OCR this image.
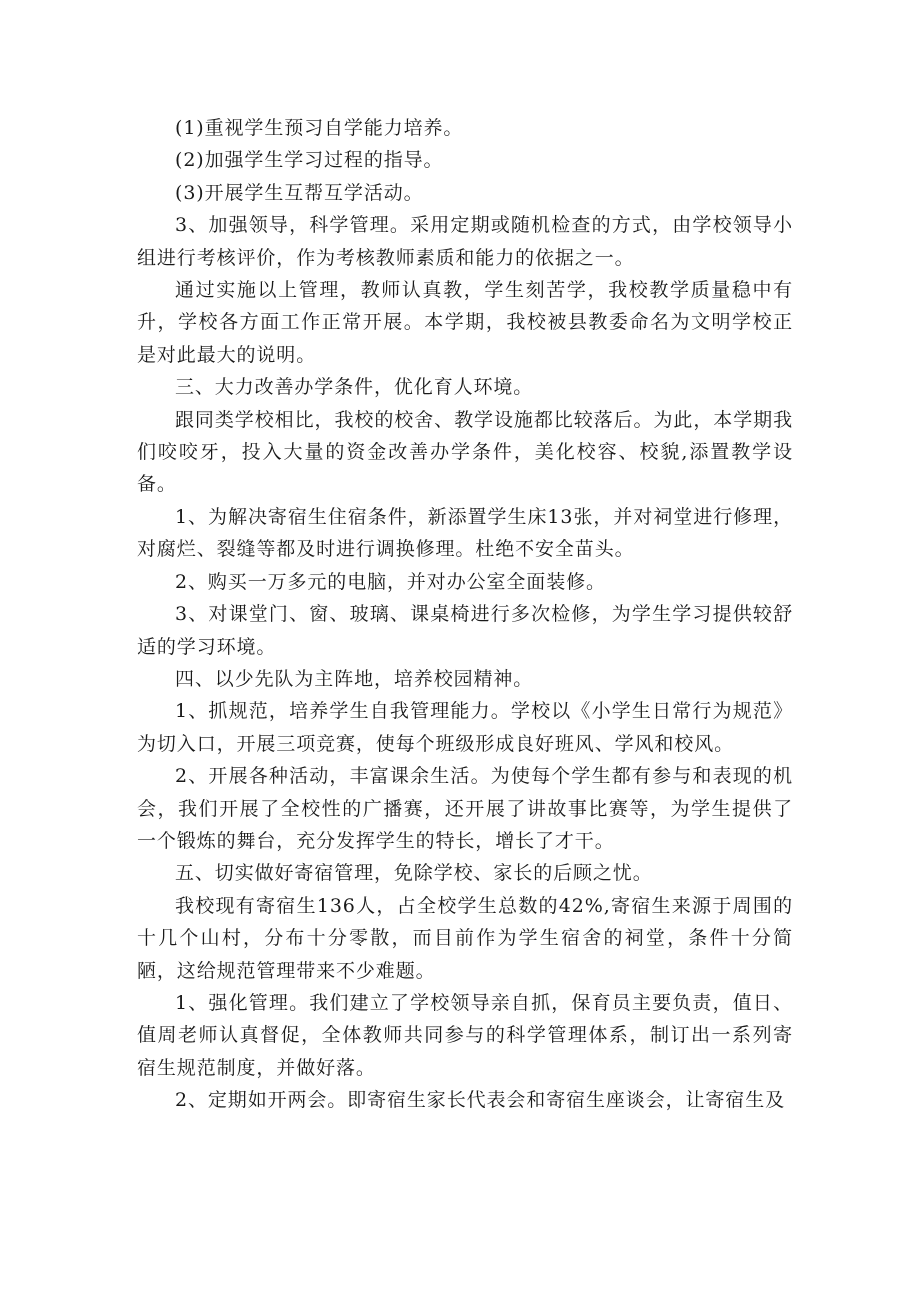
(1)重视学生预习自学能力培养。

(2)加强学生学习过程的指导。

(3)开展学生互帮互学活动。

3、加强领导，科学管理。采用定期或随机检查的方式，由学校领导小组进行考核评价，作为考核教师素质和能力的依据之一。

通过实施以上管理，教师认真教，学生刻苦学，我校教学质量稳中有升，学校各方面工作正常开展。本学期，我校被县教委命名为文明学校正是对此最大的说明。

三、大力改善办学条件，优化育人环境。

跟同类学校相比，我校的校舍、教学设施都比较落后。为此，本学期我们咬咬牙，投入大量的资金改善办学条件，美化校容、校貌,添置教学设备。

1、为解决寄宿生住宿条件，新添置学生床13张，并对祠堂进行修理，对腐烂、裂缝等都及时进行调换修理。杜绝不安全苗头。

2、购买一万多元的电脑，并对办公室全面装修。

3、对课堂门、窗、玻璃、课桌椅进行多次检修，为学生学习提供较舒适的学习环境。

四、以少先队为主阵地，培养校园精神。

1、抓规范，培养学生自我管理能力。学校以《小学生日常行为规范》为切入口，开展三项竞赛，使每个班级形成良好班风、学风和校风。

2、开展各种活动，丰富课余生活。为使每个学生都有参与和表现的机会，我们开展了全校性的广播赛，还开展了讲故事比赛等，为学生提供了一个锻炼的舞台，充分发挥学生的特长，增长了才干。

五、切实做好寄宿管理，免除学校、家长的后顾之忧。

我校现有寄宿生136人，占全校学生总数的42%,寄宿生来源于周围的十几个山村，分布十分零散，而目前作为学生宿舍的祠堂，条件十分简陋，这给规范管理带来不少难题。

1、强化管理。我们建立了学校领导亲自抓，保育员主要负责，值日、值周老师认真督促，全体教师共同参与的科学管理体系，制订出一系列寄宿生规范制度，并做好落。

2、定期如开两会。即寄宿生家长代表会和寄宿生座谈会，让寄宿生及
